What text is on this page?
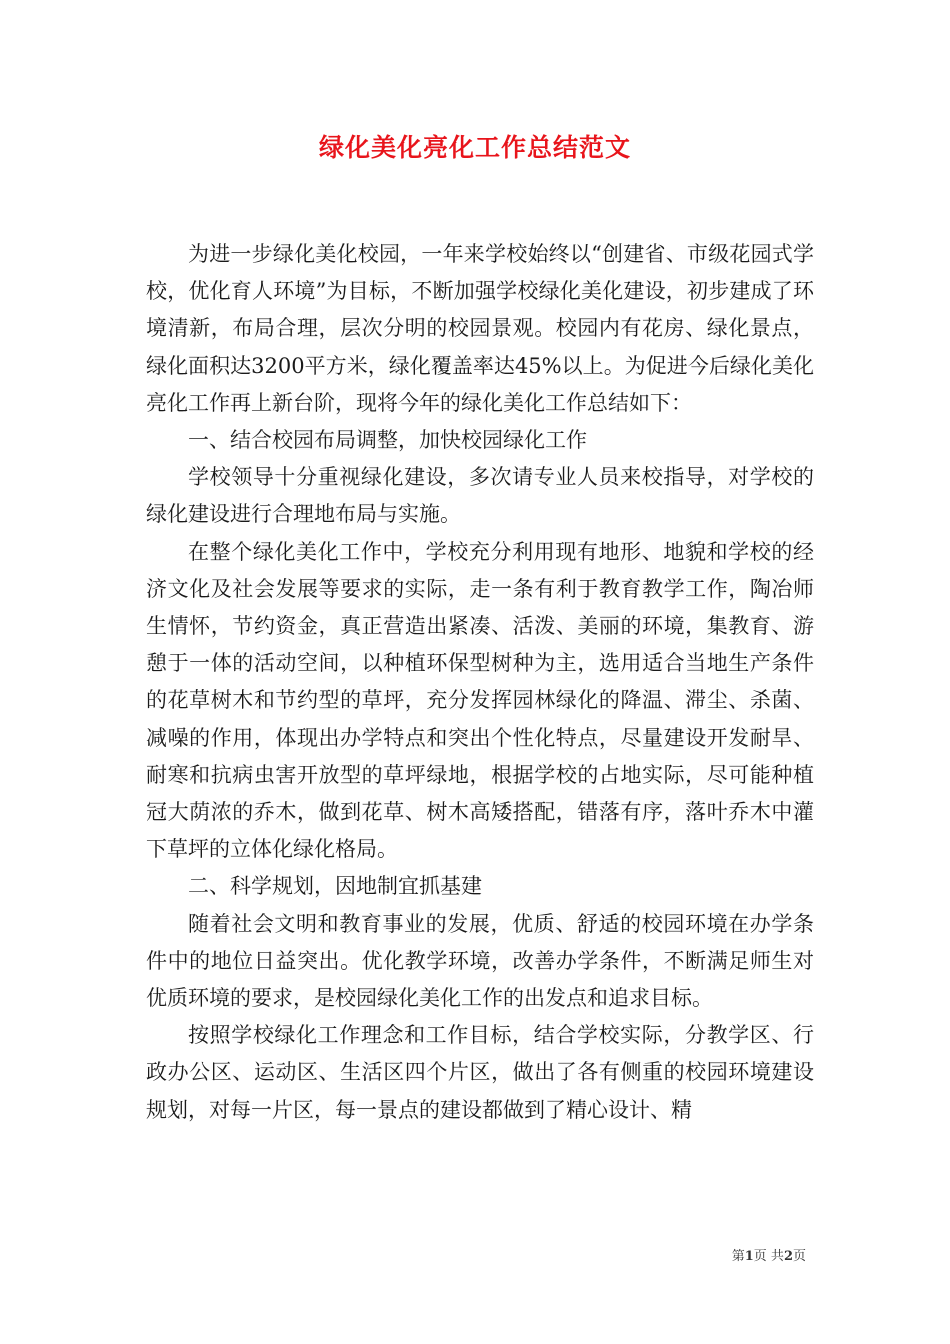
绿化美化亮化工作总结范文

为进一步绿化美化校园，一年来学校始终以“创建省、市级花园式学校，优化育人环境”为目标，不断加强学校绿化美化建设，初步建成了环境清新，布局合理，层次分明的校园景观。校园内有花房、绿化景点，绿化面积达3200平方米，绿化覆盖率达45%以上。为促进今后绿化美化亮化工作再上新台阶，现将今年的绿化美化工作总结如下：

一、结合校园布局调整，加快校园绿化工作

学校领导十分重视绿化建设，多次请专业人员来校指导，对学校的绿化建设进行合理地布局与实施。

在整个绿化美化工作中，学校充分利用现有地形、地貌和学校的经济文化及社会发展等要求的实际，走一条有利于教育教学工作，陶冶师生情怀，节约资金，真正营造出紧凑、活泼、美丽的环境，集教育、游憩于一体的活动空间，以种植环保型树种为主，选用适合当地生产条件的花草树木和节约型的草坪，充分发挥园林绿化的降温、滞尘、杀菌、减噪的作用，体现出办学特点和突出个性化特点，尽量建设开发耐旱、耐寒和抗病虫害开放型的草坪绿地，根据学校的占地实际，尽可能种植冠大荫浓的乔木，做到花草、树木高矮搭配，错落有序，落叶乔木中灌下草坪的立体化绿化格局。

二、科学规划，因地制宜抓基建

随着社会文明和教育事业的发展，优质、舒适的校园环境在办学条件中的地位日益突出。优化教学环境，改善办学条件，不断满足师生对优质环境的要求，是校园绿化美化工作的出发点和追求目标。

按照学校绿化工作理念和工作目标，结合学校实际，分教学区、行政办公区、运动区、生活区四个片区，做出了各有侧重的校园环境建设规划，对每一片区，每一景点的建设都做到了精心设计、精

第1页 共2页
